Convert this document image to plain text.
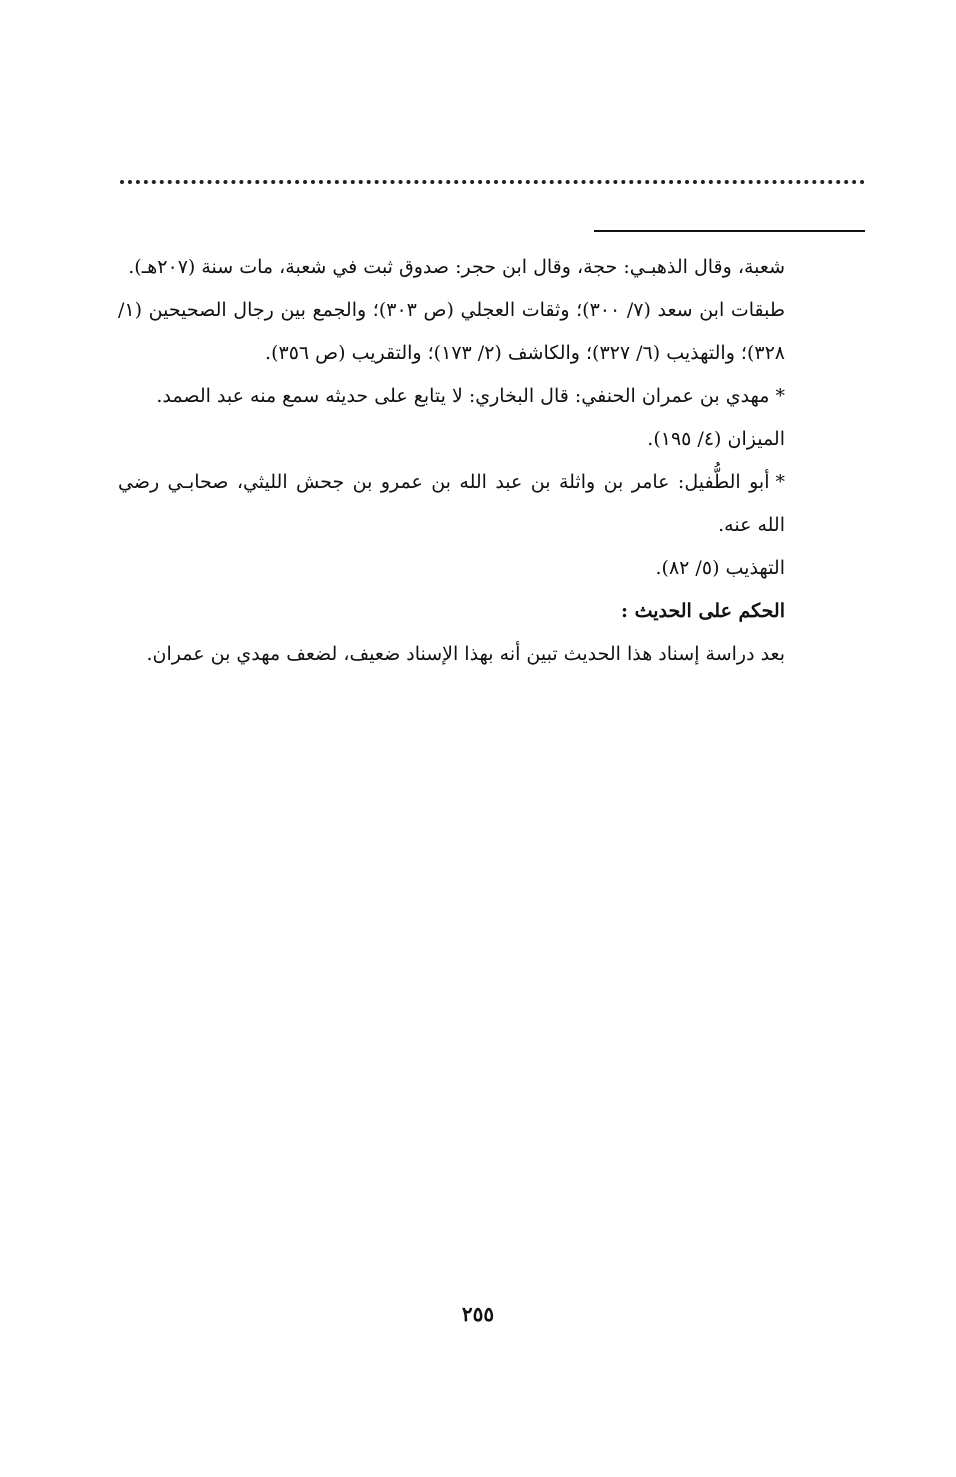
شعبة، وقال الذهبـي: حجة، وقال ابن حجر: صدوق ثبت في شعبة، مات سنة (٢٠٧هـ).

طبقات ابن سعد (٧/ ٣٠٠)؛ وثقات العجلي (ص ٣٠٣)؛ والجمع بين رجال الصحيحين (١/ ٣٢٨)؛ والتهذيب (٦/ ٣٢٧)؛ والكاشف (٢/ ١٧٣)؛ والتقريب (ص ٣٥٦).

*مهدي بن عمران الحنفي: قال البخاري: لا يتابع على حديثه سمع منه عبد الصمد.

الميزان (٤/ ١٩٥).

*أبو الطُّفيل: عامر بن واثلة بن عبد الله بن عمرو بن جحش الليثي، صحابـي رضي الله عنه.

التهذيب (٥/ ٨٢).

الحكم على الحديث :

بعد دراسة إسناد هذا الحديث تبين أنه بهذا الإسناد ضعيف، لضعف مهدي بن عمران.

٢٥٥
